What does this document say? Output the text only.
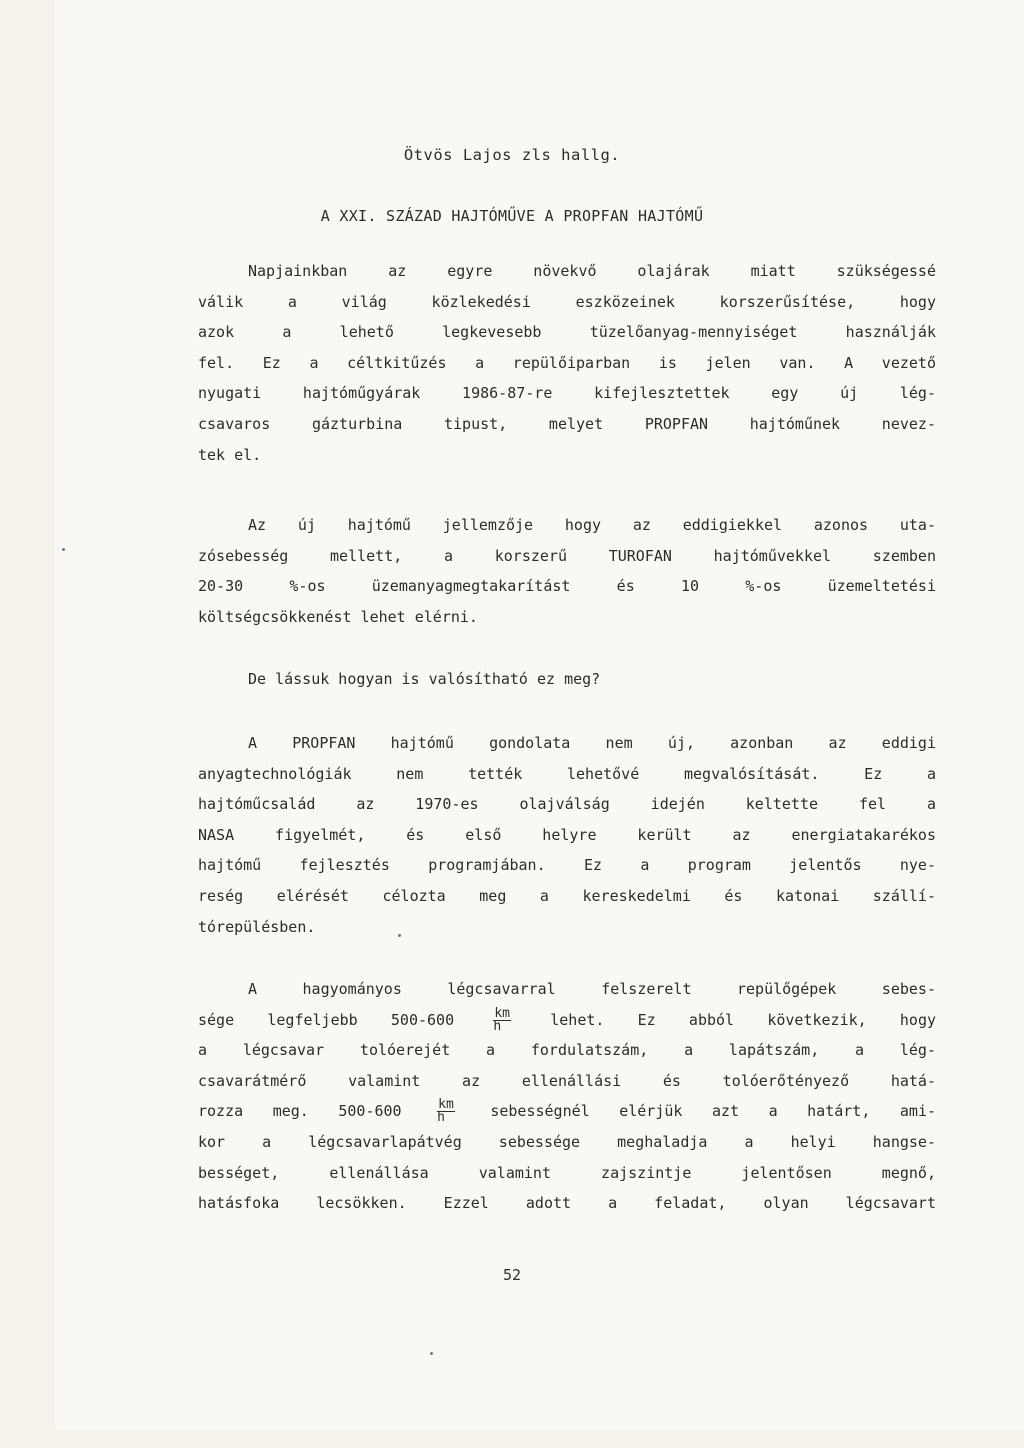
Ötvös Lajos zls hallg.
A XXI. SZÁZAD HAJTÓMŰVE A PROPFAN HAJTÓMŰ
Napjainkban az egyre növekvő olajárak miatt szükségessé
válik a világ közlekedési eszközeinek korszerűsítése, hogy
azok a lehető legkevesebb tüzelőanyag-mennyiséget használják
fel. Ez a céltkitűzés a repülőiparban is jelen van. A vezető
nyugati hajtóműgyárak 1986-87-re kifejlesztettek egy új lég-
csavaros gázturbina tipust, melyet PROPFAN hajtóműnek nevez-
tek el.
Az új hajtómű jellemzője hogy az eddigiekkel azonos uta-
zósebesség mellett, a korszerű TUROFAN hajtóművekkel szemben
20-30 %-os üzemanyagmegtakarítást és 10 %-os üzemeltetési
költségcsökkenést lehet elérni.
De lássuk hogyan is valósítható ez meg?
A PROPFAN hajtómű gondolata nem új, azonban az eddigi
anyagtechnológiák nem tették lehetővé megvalósítását. Ez a
hajtóműcsalád az 1970-es olajválság idején keltette fel a
NASA figyelmét, és első helyre került az energiatakarékos
hajtómű fejlesztés programjában. Ez a program jelentős nye-
reség elérését célozta meg a kereskedelmi és katonai szállí-
tórepülésben.
A hagyományos légcsavarral felszerelt repülőgépek sebes-
sége legfeljebb 500-600	$\frac{km}{h}$	lehet. Ez abból következik, hogy
a légcsavar tolóerejét a fordulatszám, a lapátszám, a lég-
csavarátmérő valamint az ellenállási és tolóerőtényező hatá-
rozza meg. 500-600	$\frac{km}{h}$ sebességnél elérjük azt a határt, ami-
kor a légcsavarlapátvég sebessége meghaladja a helyi hangse-
bességet, ellenállása valamint zajszintje jelentősen megnő,
hatásfoka lecsökken. Ezzel adott a feladat, olyan légcsavart
52
